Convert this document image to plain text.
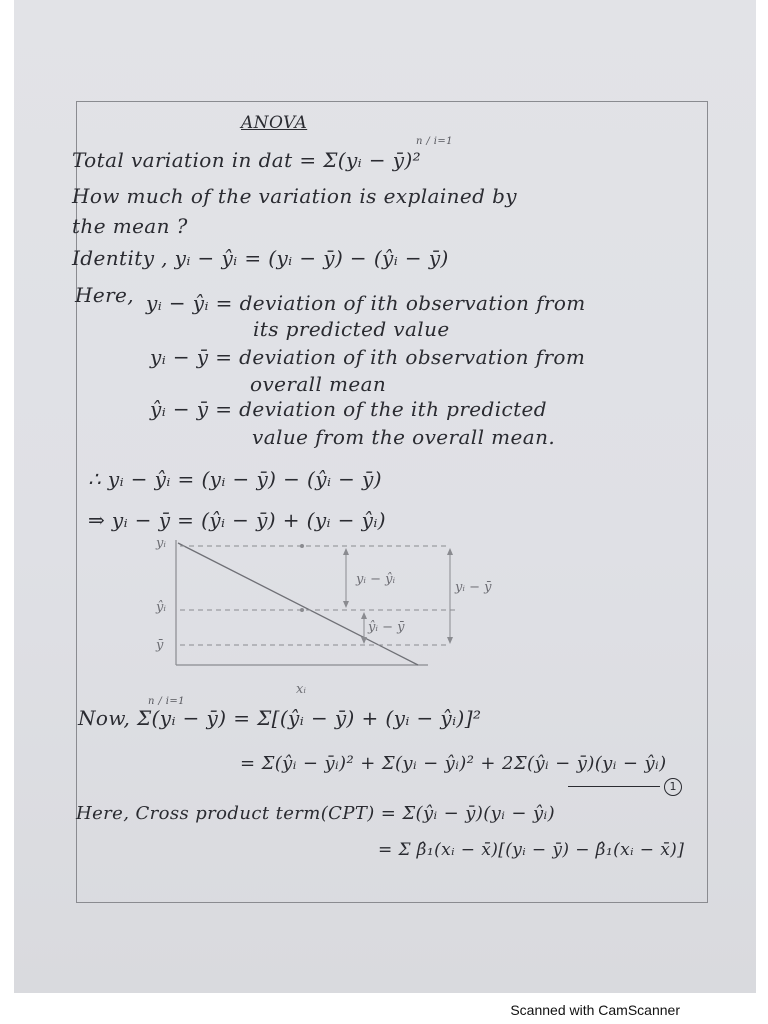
ANOVA
Total variation in dat = Σ(yᵢ − ȳ)²
n / i=1
How much of the variation is explained by
the mean ?
Identity , yᵢ − ŷᵢ = (yᵢ − ȳ) − (ŷᵢ − ȳ)
Here, yᵢ − ŷᵢ = deviation of ith observation from
its predicted value
yᵢ − ȳ = deviation of ith observation from
overall mean
ŷᵢ − ȳ = deviation of the ith predicted
value from the overall mean.
∴ yᵢ − ŷᵢ = (yᵢ − ȳ) − (ŷᵢ − ȳ)
⇒ yᵢ − ȳ = (ŷᵢ − ȳ) + (yᵢ − ŷᵢ)
yᵢ
ŷᵢ
ȳ
xᵢ
yᵢ − ŷᵢ
ŷᵢ − ȳ
yᵢ − ȳ
Now, Σ(yᵢ − ȳ) = Σ[(ŷᵢ − ȳ) + (yᵢ − ŷᵢ)]²
n / i=1
= Σ(ŷᵢ − ȳᵢ)² + Σ(yᵢ − ŷᵢ)² + 2Σ(ŷᵢ − ȳ)(yᵢ − ŷᵢ)
1
Here, Cross product term(CPT) = Σ(ŷᵢ − ȳ)(yᵢ − ŷᵢ)
= Σ β̂₁(xᵢ − x̄)[(yᵢ − ȳ) − β̂₁(xᵢ − x̄)]
Scanned with CamScanner
